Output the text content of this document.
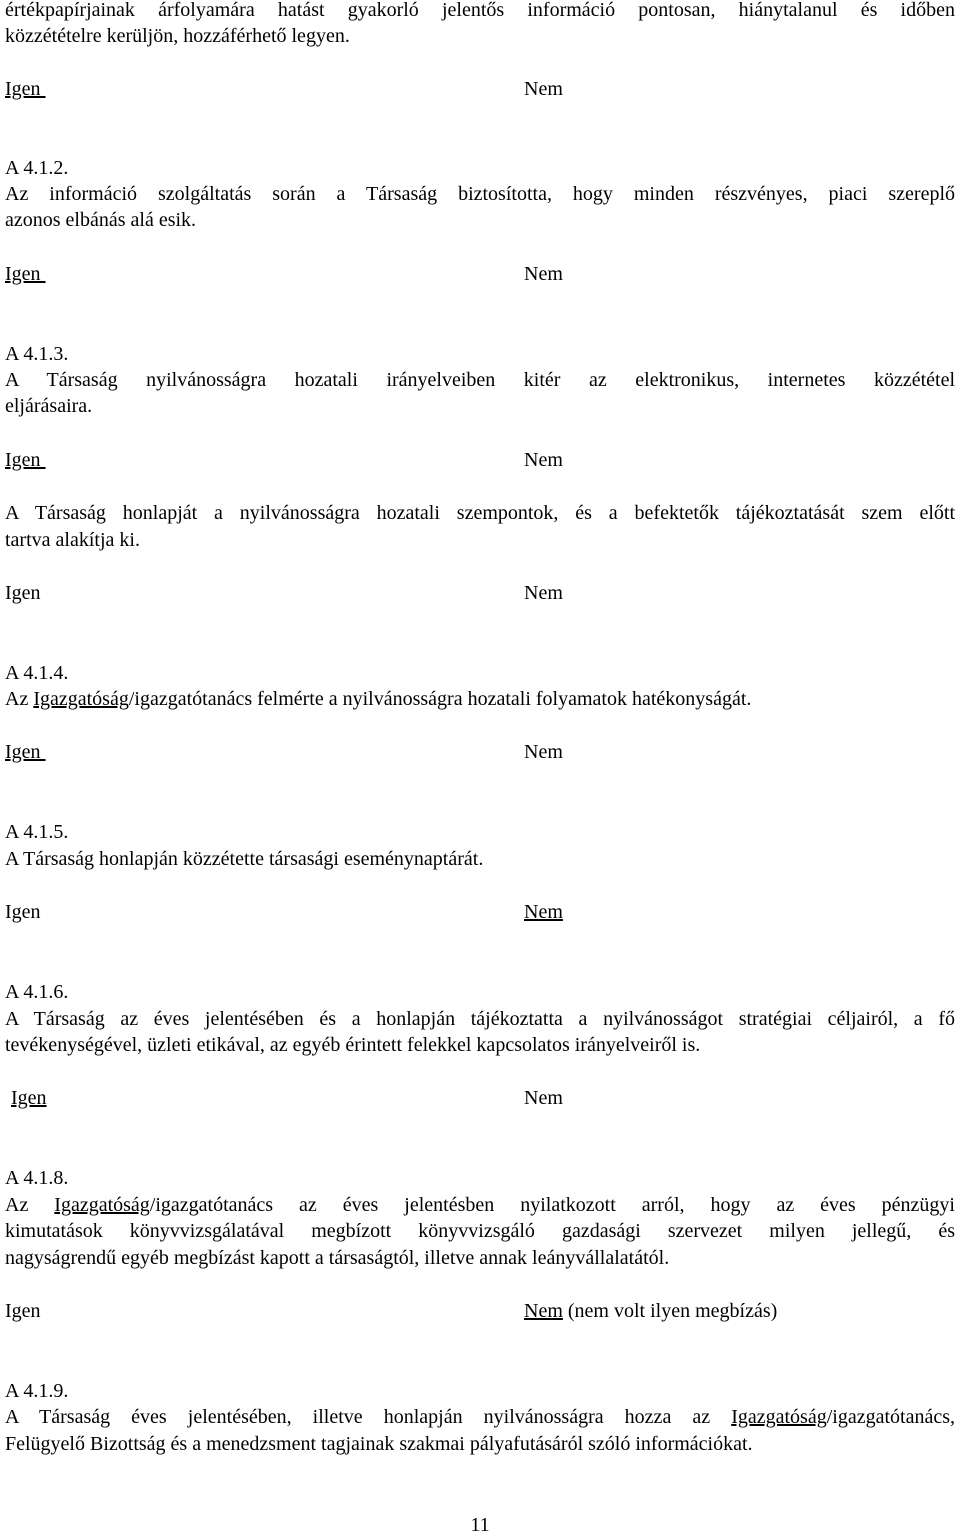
értékpapírjainak árfolyamára hatást gyakorló jelentős információ pontosan, hiánytalanul és időben

közzétételre kerüljön, hozzáférhető legyen.

Igen	Nem

A 4.1.2.

Az információ szolgáltatás során a Társaság biztosította, hogy minden részvényes, piaci szereplő

azonos elbánás alá esik.

Igen	Nem

A 4.1.3.

A Társaság nyilvánosságra hozatali irányelveiben kitér az elektronikus, internetes közzététel

eljárásaira.

Igen	Nem

A Társaság honlapját a nyilvánosságra hozatali szempontok, és a befektetők tájékoztatását szem előtt

tartva alakítja ki.

Igen	Nem

A 4.1.4.

Az Igazgatóság/igazgatótanács felmérte a nyilvánosságra hozatali folyamatok hatékonyságát.

Igen	Nem

A 4.1.5.

A Társaság honlapján közzétette társasági eseménynaptárát.

Igen	Nem

A 4.1.6.

A Társaság az éves jelentésében és a honlapján tájékoztatta a nyilvánosságot stratégiai céljairól, a fő

tevékenységével, üzleti etikával, az egyéb érintett felekkel kapcsolatos irányelveiről is.

Igen	Nem

A 4.1.8.

Az Igazgatóság/igazgatótanács az éves jelentésben nyilatkozott arról, hogy az éves pénzügyi

kimutatások könyvvizsgálatával megbízott könyvvizsgáló gazdasági szervezet milyen jellegű, és

nagyságrendű egyéb megbízást kapott a társaságtól, illetve annak leányvállalatától.

Igen	Nem (nem volt ilyen megbízás)

A 4.1.9.

A Társaság éves jelentésében, illetve honlapján nyilvánosságra hozza az Igazgatóság/igazgatótanács,

Felügyelő Bizottság és a menedzsment tagjainak szakmai pályafutásáról szóló információkat.

11
